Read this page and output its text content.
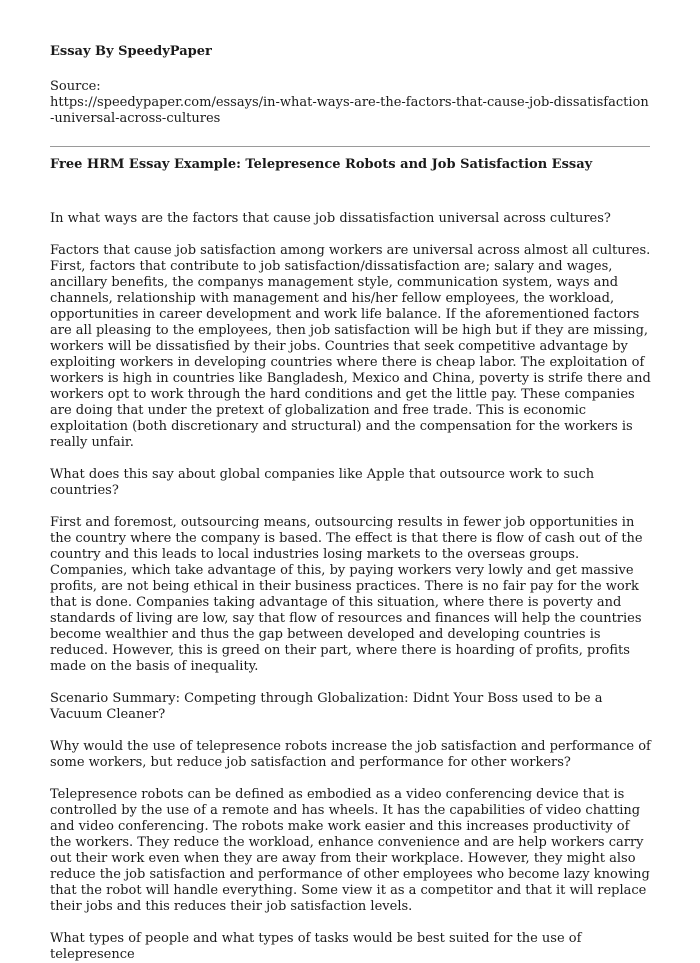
Essay By SpeedyPaper
Source:
https://speedypaper.com/essays/in-what-ways-are-the-factors-that-cause-job-dissatisfaction-universal-across-cultures
Free HRM Essay Example: Telepresence Robots and Job Satisfaction Essay

In what ways are the factors that cause job dissatisfaction universal across cultures?

Factors that cause job satisfaction among workers are universal across almost all cultures. First, factors that contribute to job satisfaction/dissatisfaction are; salary and wages, ancillary benefits, the companys management style, communication system, ways and channels, relationship with management and his/her fellow employees, the workload, opportunities in career development and work life balance. If the aforementioned factors are all pleasing to the employees, then job satisfaction will be high but if they are missing, workers will be dissatisfied by their jobs. Countries that seek competitive advantage by exploiting workers in developing countries where there is cheap labor. The exploitation of workers is high in countries like Bangladesh, Mexico and China, poverty is strife there and workers opt to work through the hard conditions and get the little pay. These companies are doing that under the pretext of globalization and free trade. This is economic exploitation (both discretionary and structural) and the compensation for the workers is really unfair.

What does this say about global companies like Apple that outsource work to such countries?

First and foremost, outsourcing means, outsourcing results in fewer job opportunities in the country where the company is based. The effect is that there is flow of cash out of the country and this leads to local industries losing markets to the overseas groups. Companies, which take advantage of this, by paying workers very lowly and get massive profits, are not being ethical in their business practices. There is no fair pay for the work that is done. Companies taking advantage of this situation, where there is poverty and standards of living are low, say that flow of resources and finances will help the countries become wealthier and thus the gap between developed and developing countries is reduced. However, this is greed on their part, where there is hoarding of profits, profits made on the basis of inequality.

Scenario Summary: Competing through Globalization: Didnt Your Boss used to be a Vacuum Cleaner?

Why would the use of telepresence robots increase the job satisfaction and performance of some workers, but reduce job satisfaction and performance for other workers?

Telepresence robots can be defined as embodied as a video conferencing device that is controlled by the use of a remote and has wheels. It has the capabilities of video chatting and video conferencing. The robots make work easier and this increases productivity of the workers. They reduce the workload, enhance convenience and are help workers carry out their work even when they are away from their workplace. However, they might also reduce the job satisfaction and performance of other employees who become lazy knowing that the robot will handle everything. Some view it as a competitor and that it will replace their jobs and this reduces their job satisfaction levels.

What types of people and what types of tasks would be best suited for the use of telepresence
